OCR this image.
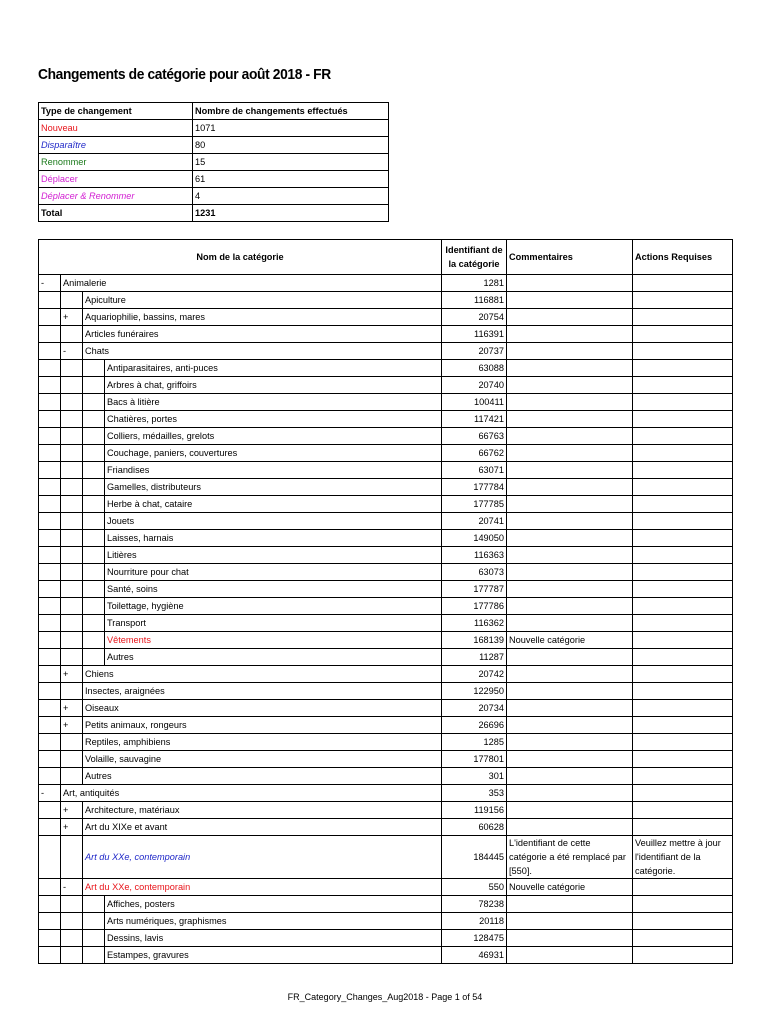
Changements de catégorie pour août 2018 - FR
Type de changement	Nombre de changements effectués
Nouveau	1071
Disparaître	80
Renommer	15
Déplacer	61
Déplacer & Renommer	4
Total	1231
Nom de la catégorie				Identifiant de la catégorie	Commentaires	Actions Requises
-	Animalerie			1281		
		Apiculture		116881		
	+	Aquariophilie, bassins, mares		20754		
		Articles funéraires		116391		
	-	Chats		20737		
			Antiparasitaires, anti-puces	63088		
			Arbres à chat, griffoirs	20740		
			Bacs à litière	100411		
			Chatières, portes	117421		
			Colliers, médailles, grelots	66763		
			Couchage, paniers, couvertures	66762		
			Friandises	63071		
			Gamelles, distributeurs	177784		
			Herbe à chat, cataire	177785		
			Jouets	20741		
			Laisses, harnais	149050		
			Litières	116363		
			Nourriture pour chat	63073		
			Santé, soins	177787		
			Toilettage, hygiène	177786		
			Transport	116362		
			Vêtements	168139	Nouvelle catégorie	
			Autres	11287		
	+	Chiens		20742		
		Insectes, araignées		122950		
	+	Oiseaux		20734		
	+	Petits animaux, rongeurs		26696		
		Reptiles, amphibiens		1285		
		Volaille, sauvagine		177801		
		Autres		301		
-	Art, antiquités			353		
	+	Architecture, matériaux		119156		
	+	Art du XIXe et avant		60628		
		Art du XXe, contemporain		184445	L'identifiant de cette catégorie a été remplacé par [550].	Veuillez mettre à jour l'identifiant de la catégorie.
	-	Art du XXe, contemporain		550	Nouvelle catégorie	
			Affiches, posters	78238		
			Arts numériques, graphismes	20118		
			Dessins, lavis	128475		
			Estampes, gravures	46931		
FR_Category_Changes_Aug2018 - Page 1 of 54
